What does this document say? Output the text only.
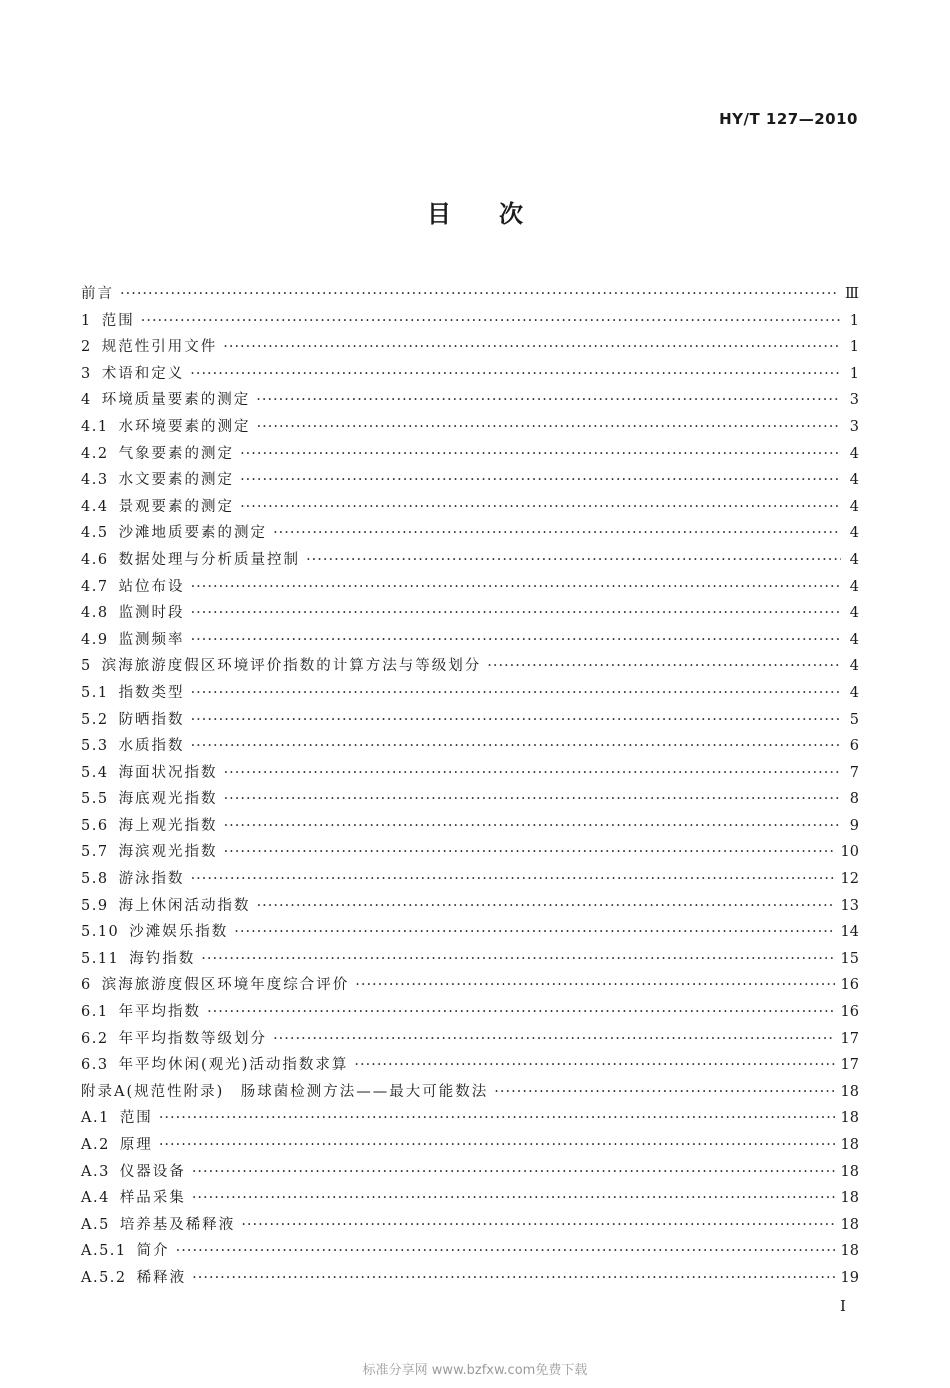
HY/T 127—2010
目次
前言 ·····	Ⅲ
1 范围 ·····	1
2 规范性引用文件 ·····	1
3 术语和定义 ·····	1
4 环境质量要素的测定 ·····	3
4.1 水环境要素的测定 ·····	3
4.2 气象要素的测定 ·····	4
4.3 水文要素的测定 ·····	4
4.4 景观要素的测定 ·····	4
4.5 沙滩地质要素的测定 ·····	4
4.6 数据处理与分析质量控制 ·····	4
4.7 站位布设 ·····	4
4.8 监测时段 ·····	4
4.9 监测频率 ·····	4
5 滨海旅游度假区环境评价指数的计算方法与等级划分 ·····	4
5.1 指数类型 ·····	4
5.2 防晒指数 ·····	5
5.3 水质指数 ·····	6
5.4 海面状况指数 ·····	7
5.5 海底观光指数 ·····	8
5.6 海上观光指数 ·····	9
5.7 海滨观光指数 ·····	10
5.8 游泳指数 ·····	12
5.9 海上休闲活动指数 ·····	13
5.10 沙滩娱乐指数 ·····	14
5.11 海钓指数 ·····	15
6 滨海旅游度假区环境年度综合评价 ·····	16
6.1 年平均指数 ·····	16
6.2 年平均指数等级划分 ·····	17
6.3 年平均休闲(观光)活动指数求算 ·····	17
附录A(规范性附录)　肠球菌检测方法——最大可能数法 ·····	18
A.1 范围 ·····	18
A.2 原理 ·····	18
A.3 仪器设备 ·····	18
A.4 样品采集 ·····	18
A.5 培养基及稀释液 ·····	18
A.5.1 简介 ·····	18
A.5.2 稀释液 ·····	19
I
标准分享网 www.bzfxw.com免费下载
